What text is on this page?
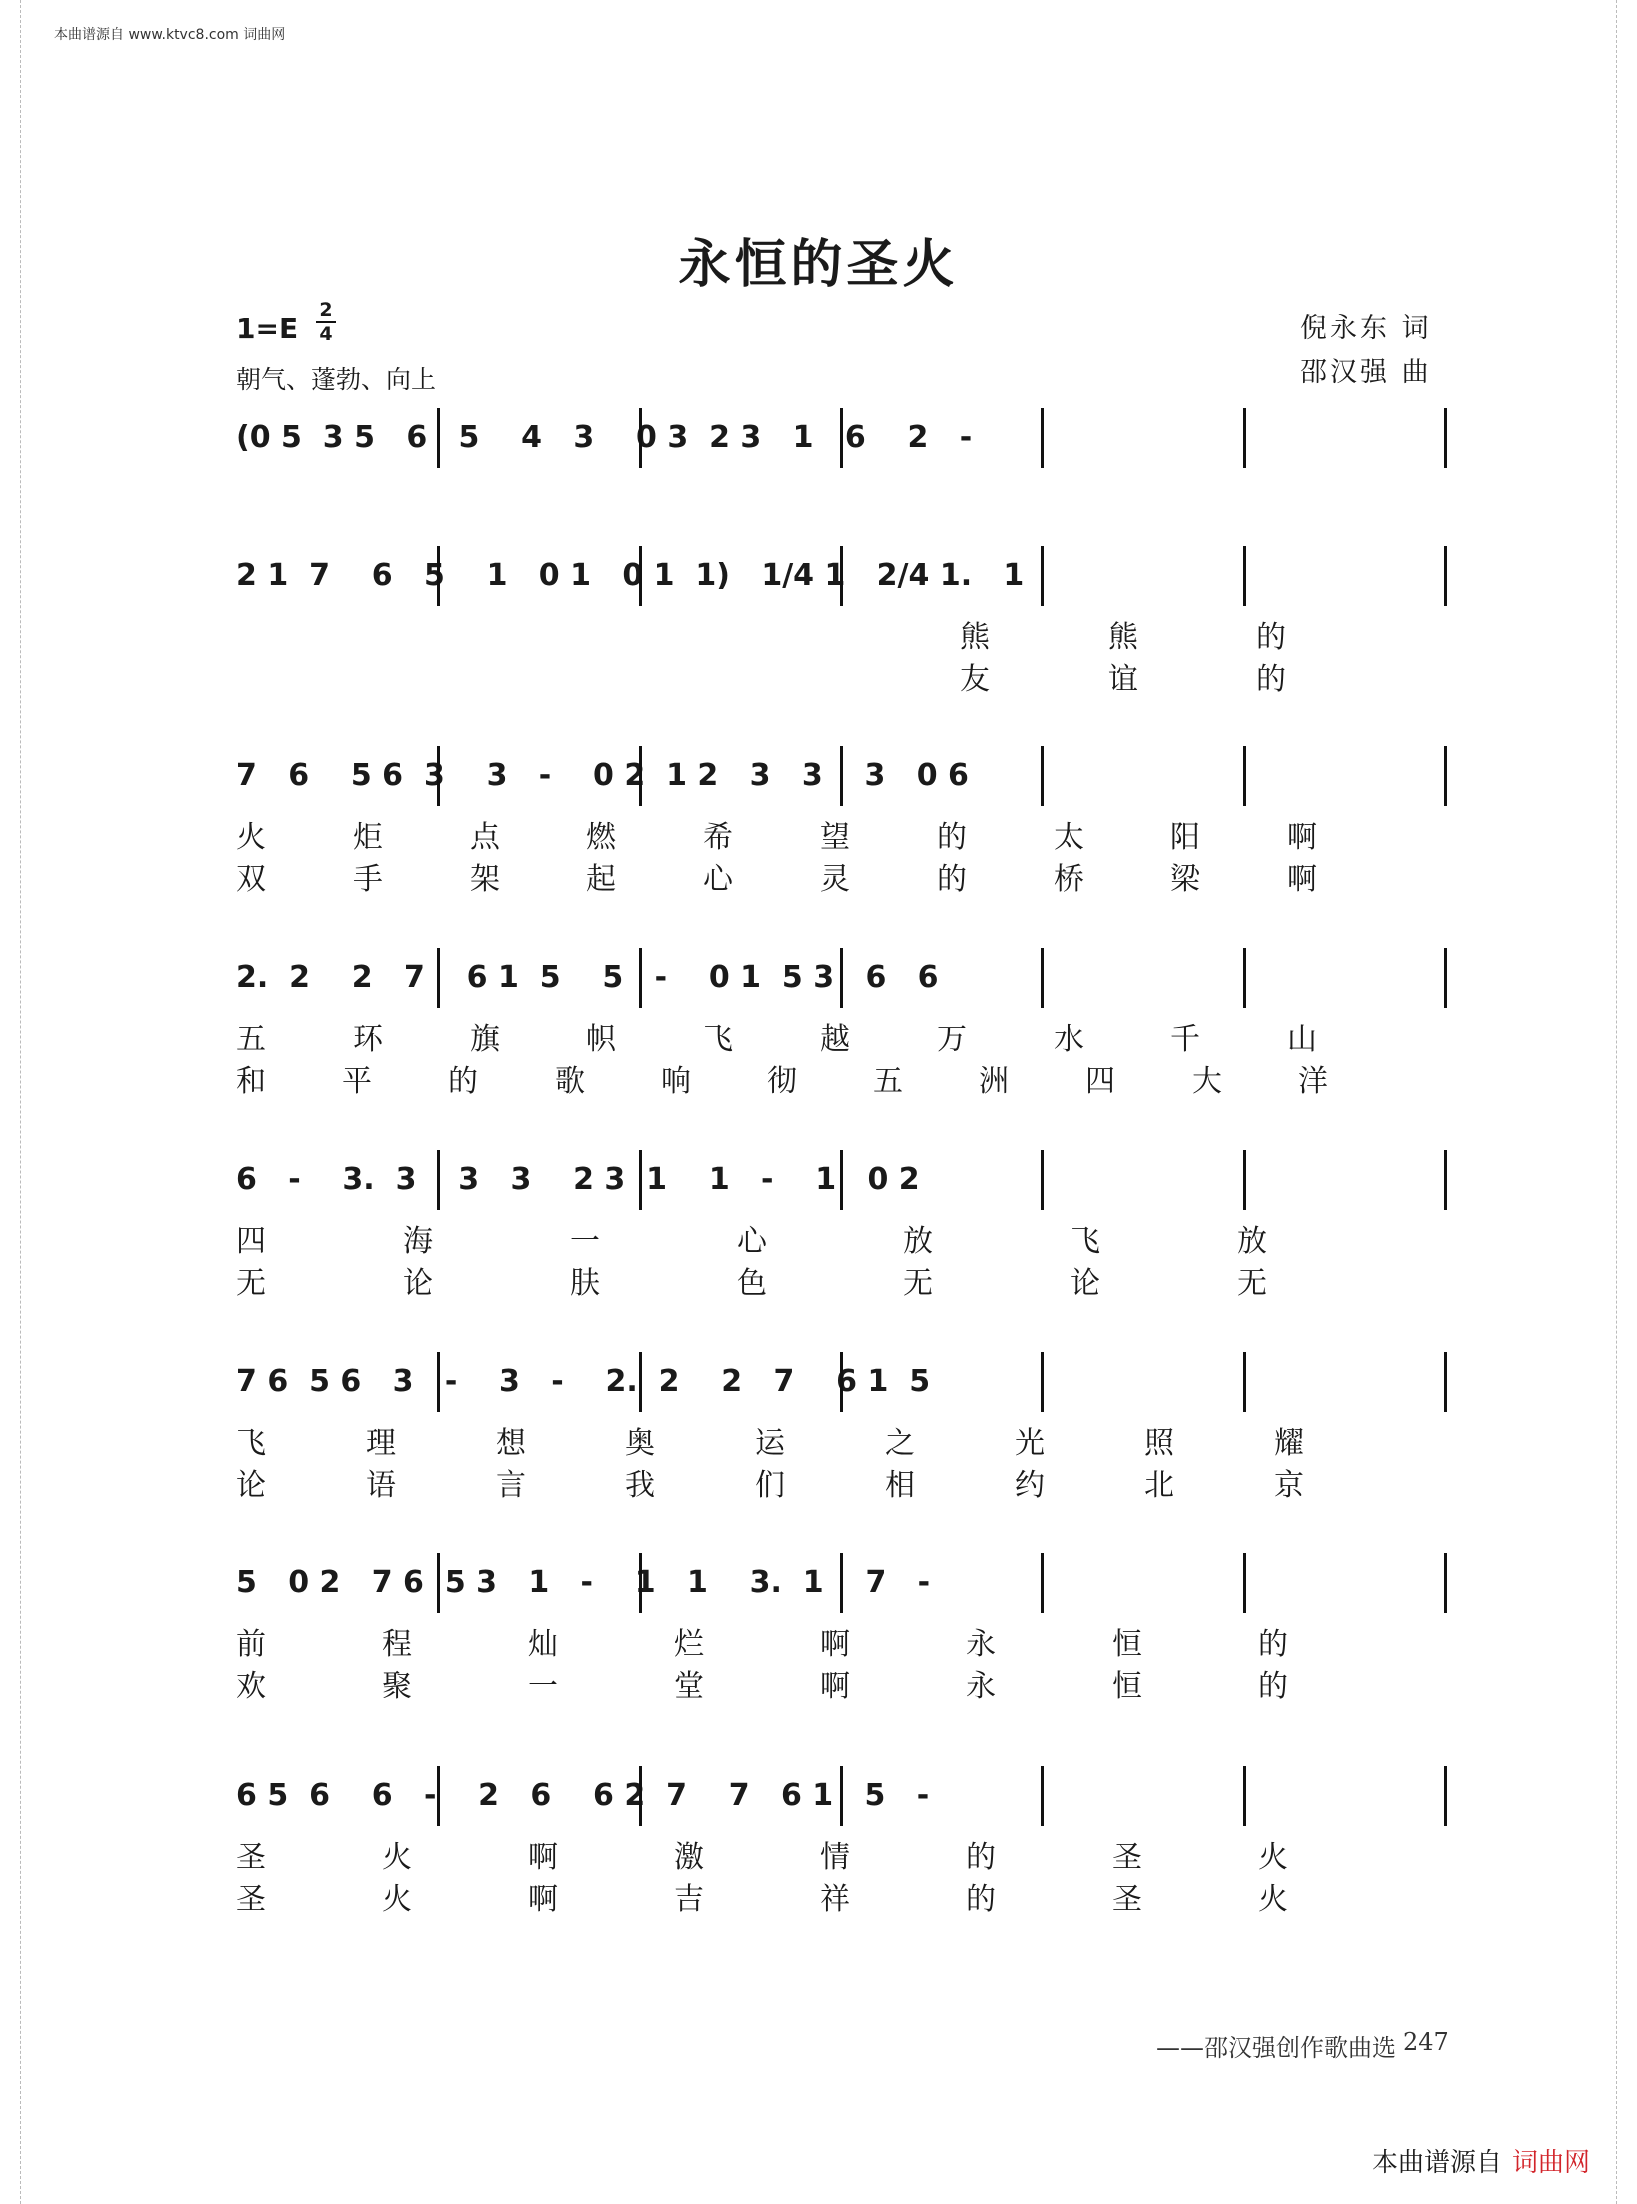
本曲谱源自 www.ktvc8.com 词曲网
永恒的圣火
1=E
2
4
朝气、蓬勃、向上
倪永东 词
邵汉强 曲
(0 5  3 5   6   5    4   3    0 3  2 3   1   6    2   -
2 1  7    6   5    1   0 1   0 1  1)   1/4 1   2/4 1.   1
熊	熊	的
友	谊	的
7   6    5 6  3    3   -    0 2  1 2   3   3    3   0 6
火	炬	点	燃	希	望	的	太	阳	啊
双	手	架	起	心	灵	的	桥	梁	啊
2.  2    2   7    6 1  5    5   -    0 1  5 3   6   6
五	环	旗	帜	飞	越	万	水	千	山
和	平	的	歌	响	彻	五	洲	四	大	洋
6   -    3.  3    3   3    2 3  1    1   -    1   0 2
四	海	一	心	放	飞	放
无	论	肤	色	无	论	无
7 6  5 6   3   -    3   -    2.  2    2   7    6 1  5
飞	理	想	奥	运	之	光	照	耀
论	语	言	我	们	相	约	北	京
5   0 2   7 6  5 3   1   -    1   1    3.  1    7   -
前	程	灿	烂	啊	永	恒	的
欢	聚	一	堂	啊	永	恒	的
6 5  6    6   -    2   6    6 2  7    7   6 1   5   -
圣	火	啊	激	情	的	圣	火
圣	火	啊	吉	祥	的	圣	火
——邵汉强创作歌曲选 247
本曲谱源自 词曲网
